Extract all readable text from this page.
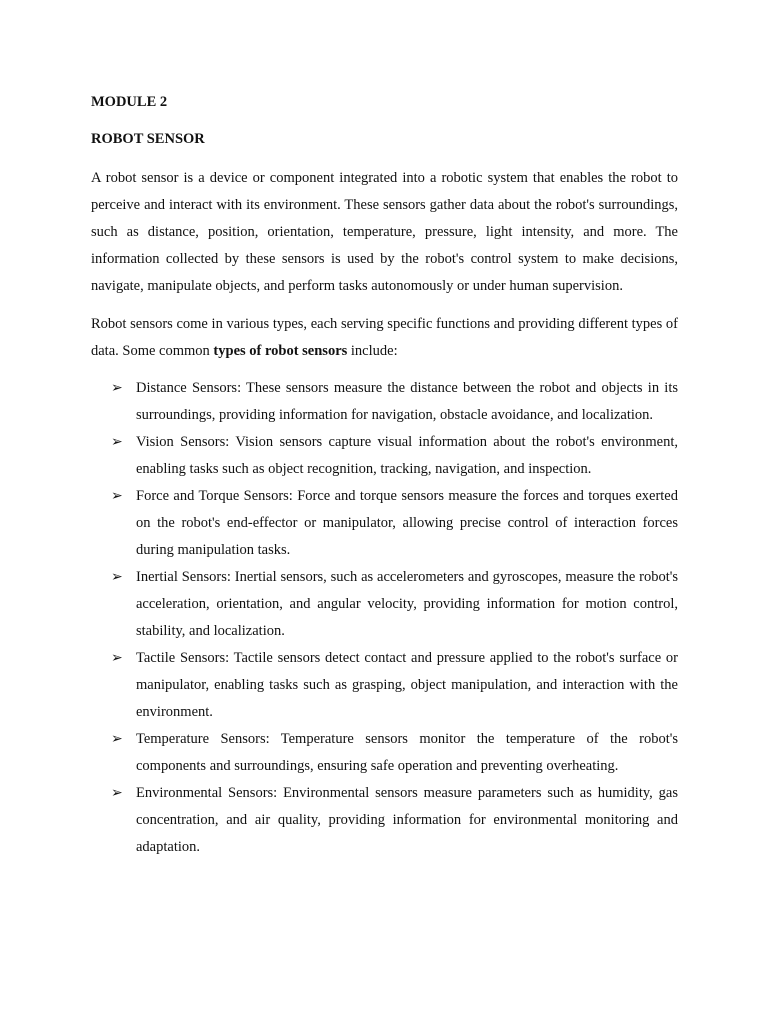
MODULE 2

ROBOT SENSOR

A robot sensor is a device or component integrated into a robotic system that enables the robot to perceive and interact with its environment. These sensors gather data about the robot's surroundings, such as distance, position, orientation, temperature, pressure, light intensity, and more. The information collected by these sensors is used by the robot's control system to make decisions, navigate, manipulate objects, and perform tasks autonomously or under human supervision.

Robot sensors come in various types, each serving specific functions and providing different types of data. Some common types of robot sensors include:

➢ Distance Sensors: These sensors measure the distance between the robot and objects in its surroundings, providing information for navigation, obstacle avoidance, and localization.
➢ Vision Sensors: Vision sensors capture visual information about the robot's environment, enabling tasks such as object recognition, tracking, navigation, and inspection.
➢ Force and Torque Sensors: Force and torque sensors measure the forces and torques exerted on the robot's end-effector or manipulator, allowing precise control of interaction forces during manipulation tasks.
➢ Inertial Sensors: Inertial sensors, such as accelerometers and gyroscopes, measure the robot's acceleration, orientation, and angular velocity, providing information for motion control, stability, and localization.
➢ Tactile Sensors: Tactile sensors detect contact and pressure applied to the robot's surface or manipulator, enabling tasks such as grasping, object manipulation, and interaction with the environment.
➢ Temperature Sensors: Temperature sensors monitor the temperature of the robot's components and surroundings, ensuring safe operation and preventing overheating.
➢ Environmental Sensors: Environmental sensors measure parameters such as humidity, gas concentration, and air quality, providing information for environmental monitoring and adaptation.
